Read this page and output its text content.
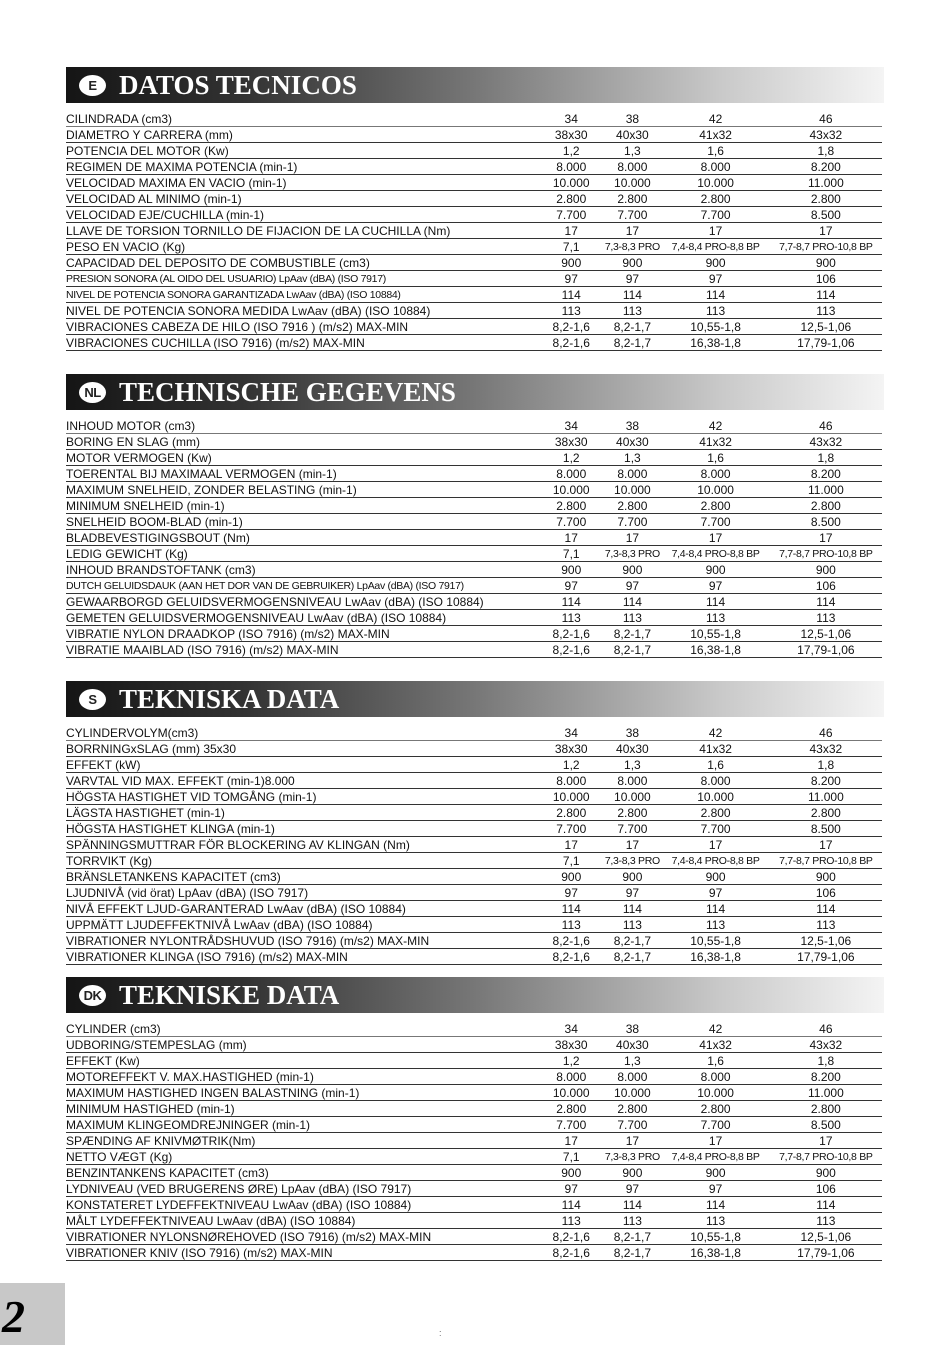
E DATOS TECNICOS
CILINDRADA (cm3)	34	38	42	46
DIAMETRO Y CARRERA (mm)	38x30	40x30	41x32	43x32
POTENCIA DEL MOTOR (Kw)	1,2	1,3	1,6	1,8
REGIMEN DE MAXIMA POTENCIA (min-1)	8.000	8.000	8.000	8.200
VELOCIDAD MAXIMA EN VACIO (min-1)	10.000	10.000	10.000	11.000
VELOCIDAD AL MINIMO (min-1)	2.800	2.800	2.800	2.800
VELOCIDAD EJE/CUCHILLA (min-1)	7.700	7.700	7.700	8.500
LLAVE DE TORSION TORNILLO DE FIJACION DE LA CUCHILLA (Nm)	17	17	17	17
PESO EN VACIO (Kg)	7,1	7,3-8,3 PRO	7,4-8,4 PRO-8,8 BP	7,7-8,7 PRO-10,8 BP
CAPACIDAD DEL DEPOSITO DE COMBUSTIBLE (cm3)	900	900	900	900
PRESION SONORA (AL OIDO DEL USUARIO) LpAav (dBA) (ISO 7917)	97	97	97	106
NIVEL DE POTENCIA SONORA GARANTIZADA LwAav (dBA) (ISO 10884)	114	114	114	114
NIVEL DE POTENCIA SONORA MEDIDA LwAav (dBA) (ISO 10884)	113	113	113	113
VIBRACIONES CABEZA DE HILO (ISO 7916 ) (m/s2) MAX-MIN	8,2-1,6	8,2-1,7	10,55-1,8	12,5-1,06
VIBRACIONES CUCHILLA (ISO 7916) (m/s2) MAX-MIN	8,2-1,6	8,2-1,7	16,38-1,8	17,79-1,06
NL TECHNISCHE GEGEVENS
INHOUD MOTOR (cm3)	34	38	42	46
BORING EN SLAG (mm)	38x30	40x30	41x32	43x32
MOTOR VERMOGEN (Kw)	1,2	1,3	1,6	1,8
TOERENTAL BIJ MAXIMAAL VERMOGEN (min-1)	8.000	8.000	8.000	8.200
MAXIMUM SNELHEID, ZONDER BELASTING (min-1)	10.000	10.000	10.000	11.000
MINIMUM SNELHEID (min-1)	2.800	2.800	2.800	2.800
SNELHEID BOOM-BLAD (min-1)	7.700	7.700	7.700	8.500
BLADBEVESTIGINGSBOUT (Nm)	17	17	17	17
LEDIG GEWICHT (Kg)	7,1	7,3-8,3 PRO	7,4-8,4 PRO-8,8 BP	7,7-8,7 PRO-10,8 BP
INHOUD BRANDSTOFTANK (cm3)	900	900	900	900
DUTCH GELUIDSDAUK (AAN HET DOR VAN DE GEBRUIKER) LpAav (dBA) (ISO 7917)	97	97	97	106
GEWAARBORGD GELUIDSVERMOGENSNIVEAU LwAav (dBA) (ISO 10884)	114	114	114	114
GEMETEN GELUIDSVERMOGENSNIVEAU LwAav (dBA) (ISO 10884)	113	113	113	113
VIBRATIE NYLON DRAADKOP (ISO 7916) (m/s2) MAX-MIN	8,2-1,6	8,2-1,7	10,55-1,8	12,5-1,06
VIBRATIE MAAIBLAD (ISO 7916) (m/s2) MAX-MIN	8,2-1,6	8,2-1,7	16,38-1,8	17,79-1,06
S TEKNISKA DATA
CYLINDERVOLYM(cm3)	34	38	42	46
BORRNINGxSLAG (mm) 35x30	38x30	40x30	41x32	43x32
EFFEKT (kW)	1,2	1,3	1,6	1,8
VARVTAL VID MAX. EFFEKT (min-1)8.000	8.000	8.000	8.000	8.200
HÖGSTA HASTIGHET VID TOMGÅNG (min-1)	10.000	10.000	10.000	11.000
LÄGSTA HASTIGHET (min-1)	2.800	2.800	2.800	2.800
HÖGSTA HASTIGHET KLINGA (min-1)	7.700	7.700	7.700	8.500
SPÄNNINGSMUTTRAR FÖR BLOCKERING AV KLINGAN (Nm)	17	17	17	17
TORRVIKT (Kg)	7,1	7,3-8,3 PRO	7,4-8,4 PRO-8,8 BP	7,7-8,7 PRO-10,8 BP
BRÄNSLETANKENS KAPACITET (cm3)	900	900	900	900
LJUDNIVÅ (vid örat) LpAav (dBA) (ISO 7917)	97	97	97	106
NIVÅ EFFEKT LJUD-GARANTERAD LwAav (dBA) (ISO 10884)	114	114	114	114
UPPMÄTT LJUDEFFEKTNIVÅ LwAav (dBA) (ISO 10884)	113	113	113	113
VIBRATIONER NYLONTRÅDSHUVUD (ISO 7916) (m/s2) MAX-MIN	8,2-1,6	8,2-1,7	10,55-1,8	12,5-1,06
VIBRATIONER KLINGA (ISO 7916) (m/s2) MAX-MIN	8,2-1,6	8,2-1,7	16,38-1,8	17,79-1,06
DK TEKNISKE DATA
CYLINDER (cm3)	34	38	42	46
UDBORING/STEMPESLAG (mm)	38x30	40x30	41x32	43x32
EFFEKT (Kw)	1,2	1,3	1,6	1,8
MOTOREFFEKT V. MAX.HASTIGHED (min-1)	8.000	8.000	8.000	8.200
MAXIMUM HASTIGHED INGEN BALASTNING (min-1)	10.000	10.000	10.000	11.000
MINIMUM HASTIGHED (min-1)	2.800	2.800	2.800	2.800
MAXIMUM KLINGEOMDREJNINGER (min-1)	7.700	7.700	7.700	8.500
SPÆNDING AF KNIVMØTRIK(Nm)	17	17	17	17
NETTO VÆGT (Kg)	7,1	7,3-8,3 PRO	7,4-8,4 PRO-8,8 BP	7,7-8,7 PRO-10,8 BP
BENZINTANKENS KAPACITET (cm3)	900	900	900	900
LYDNIVEAU (VED BRUGERENS ØRE) LpAav (dBA) (ISO 7917)	97	97	97	106
KONSTATERET LYDEFFEKTNIVEAU LwAav (dBA) (ISO 10884)	114	114	114	114
MÅLT LYDEFFEKTNIVEAU LwAav (dBA) (ISO 10884)	113	113	113	113
VIBRATIONER NYLONSNØREHOVED (ISO 7916) (m/s2) MAX-MIN	8,2-1,6	8,2-1,7	10,55-1,8	12,5-1,06
VIBRATIONER KNIV (ISO 7916) (m/s2) MAX-MIN	8,2-1,6	8,2-1,7	16,38-1,8	17,79-1,06
2	:
